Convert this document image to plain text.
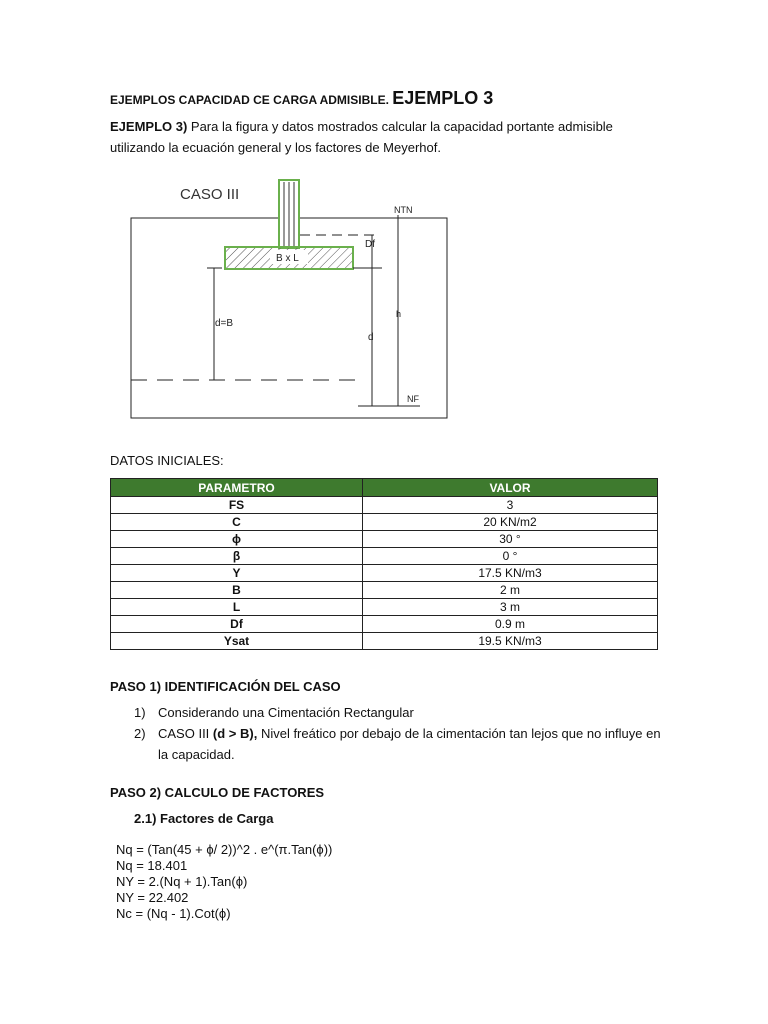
EJEMPLOS CAPACIDAD CE CARGA ADMISIBLE. EJEMPLO 3
EJEMPLO 3) Para la figura y datos mostrados calcular la capacidad portante admisible utilizando la ecuación general y los factores de Meyerhof.
CASO III
B x L
Df
NTN
h
d
NF
d=B
DATOS INICIALES:
PARAMETRO	VALOR
FS	3
C	20 KN/m2
ϕ	30 °
β	0 °
Y	17.5 KN/m3
B	2 m
L	3 m
Df	0.9 m
Ysat	19.5 KN/m3
PASO 1) IDENTIFICACIÓN DEL CASO
1) Considerando una Cimentación Rectangular
2) CASO III (d > B), Nivel freático por debajo de la cimentación tan lejos que no influye en la capacidad.
PASO 2) CALCULO DE FACTORES
2.1) Factores de Carga
Nq = (Tan(45 + ϕ/ 2))^2 . e^(π.Tan(ϕ))
Nq = 18.401
NY = 2.(Nq + 1).Tan(ϕ)
NY = 22.402
Nc = (Nq - 1).Cot(ϕ)
